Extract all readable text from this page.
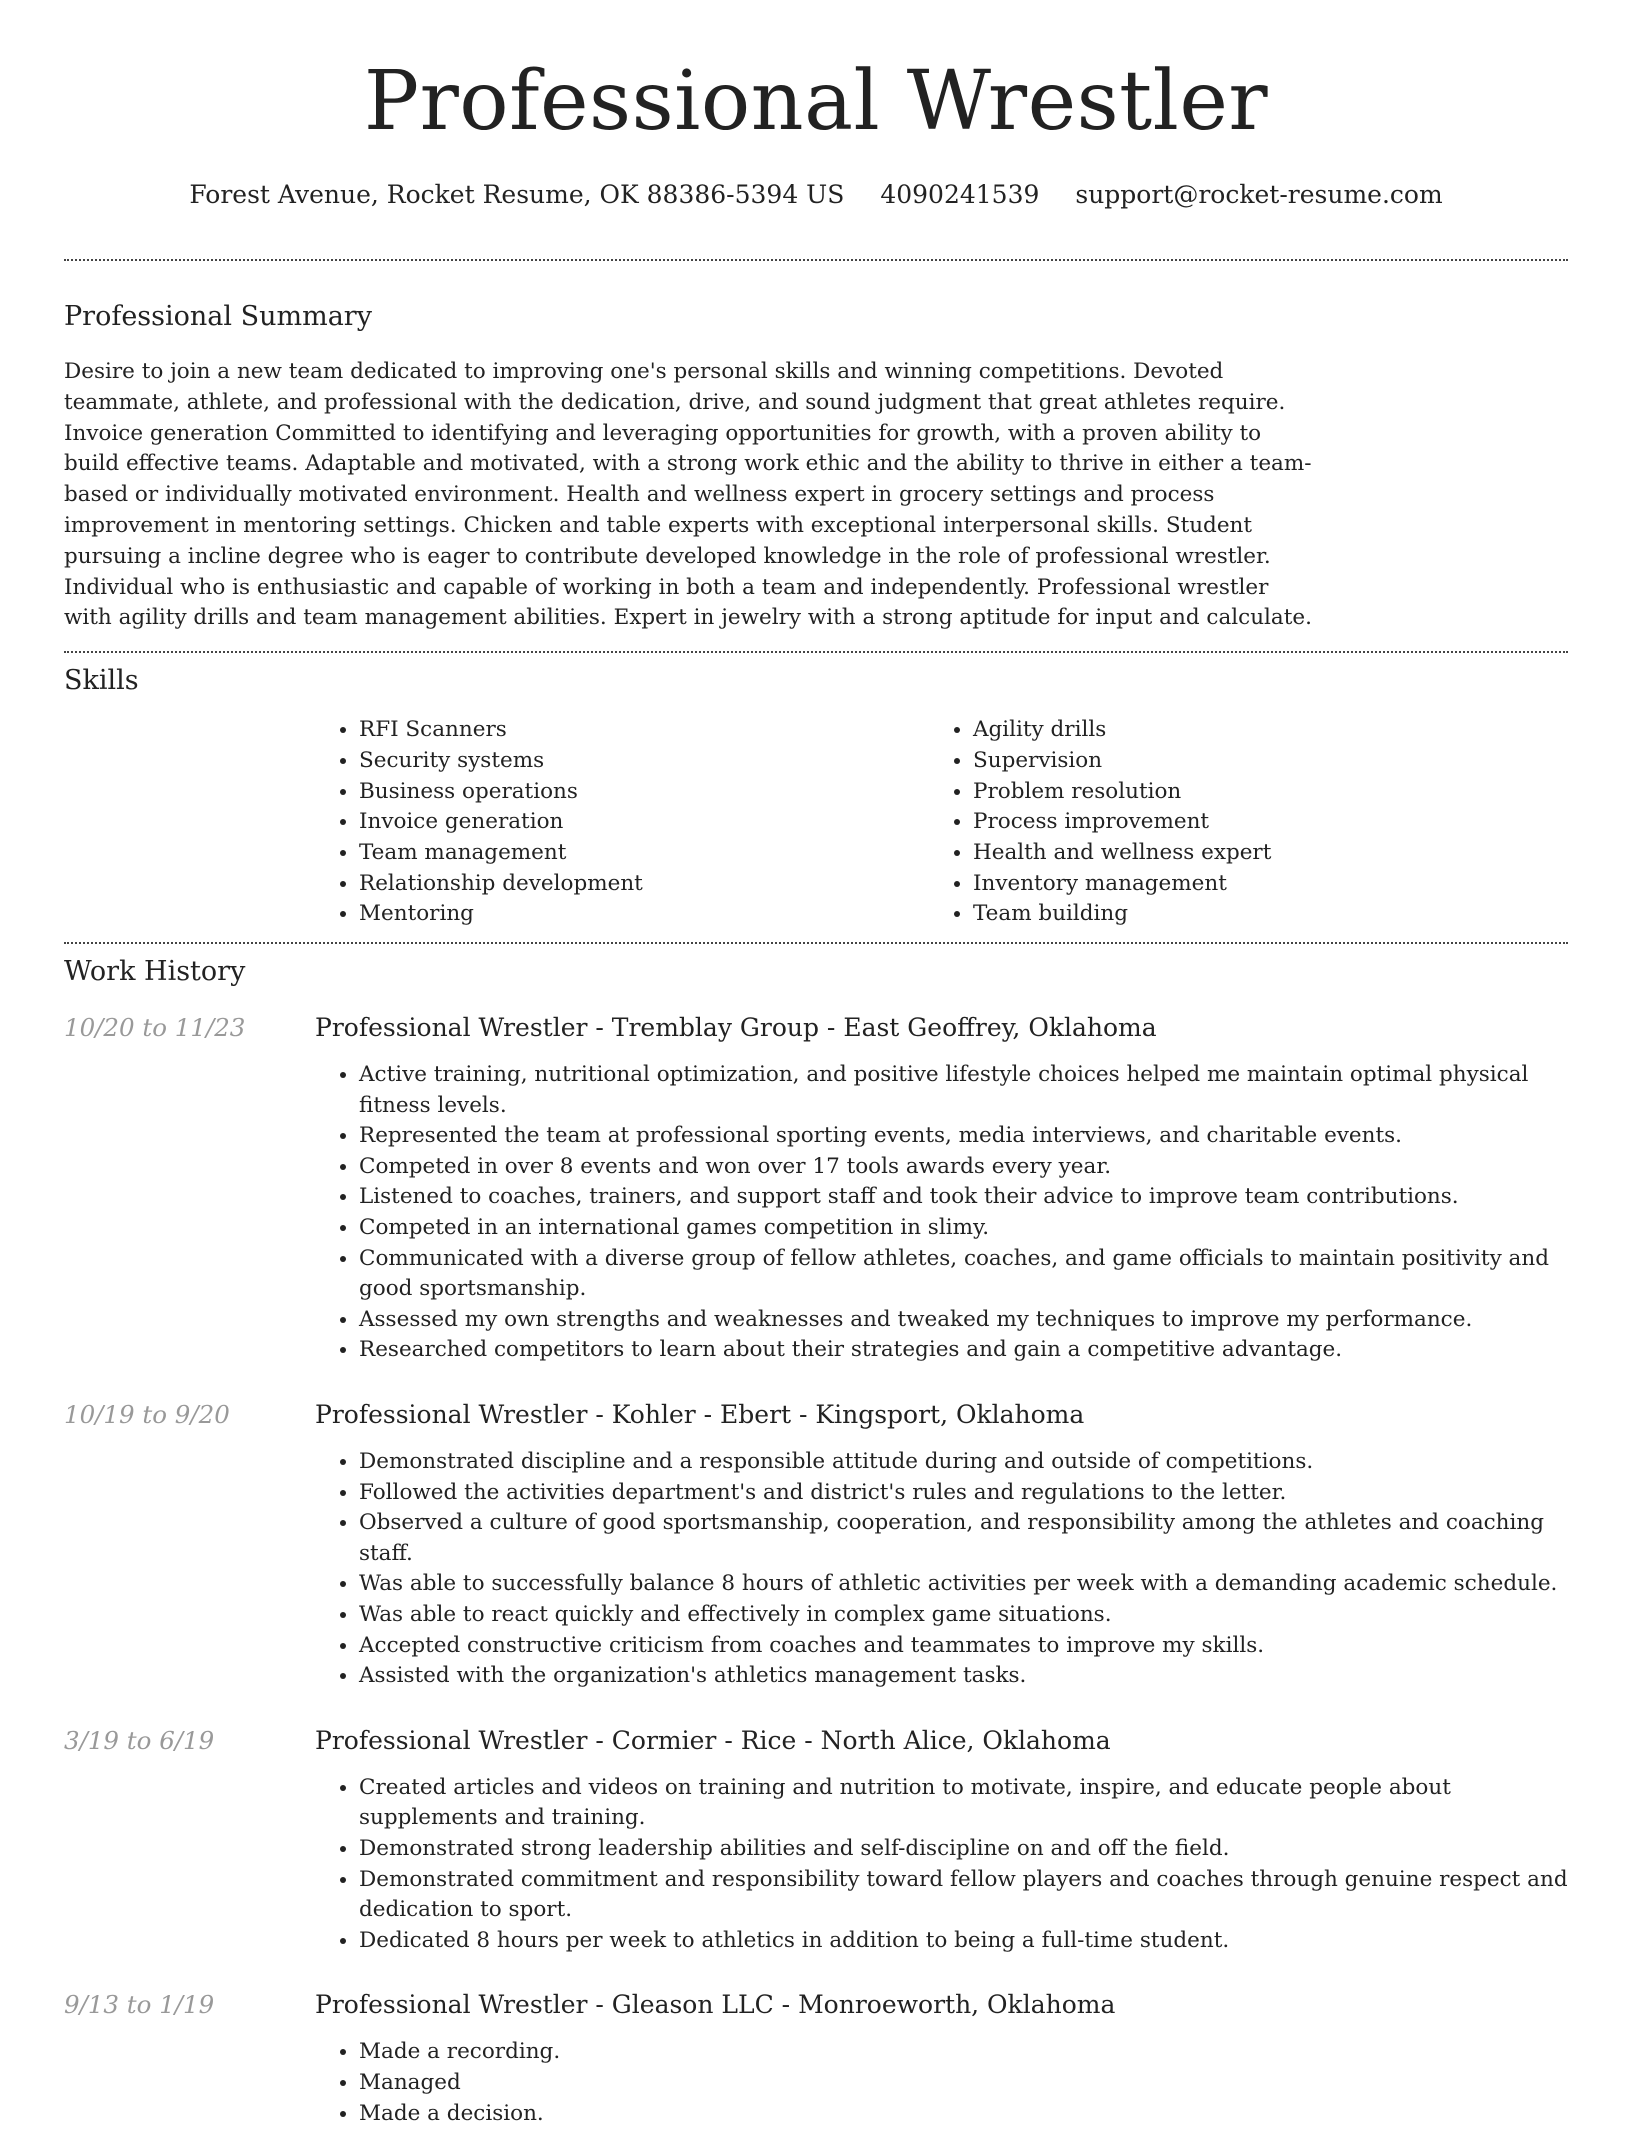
Professional Wrestler
Forest Avenue, Rocket Resume, OK 88386-5394 US 4090241539 support@rocket-resume.com
Professional Summary

Desire to join a new team dedicated to improving one's personal skills and winning competitions. Devoted teammate, athlete, and professional with the dedication, drive, and sound judgment that great athletes require. Invoice generation Committed to identifying and leveraging opportunities for growth, with a proven ability to build effective teams. Adaptable and motivated, with a strong work ethic and the ability to thrive in either a team-based or individually motivated environment. Health and wellness expert in grocery settings and process improvement in mentoring settings. Chicken and table experts with exceptional interpersonal skills. Student pursuing a incline degree who is eager to contribute developed knowledge in the role of professional wrestler. Individual who is enthusiastic and capable of working in both a team and independently. Professional wrestler with agility drills and team management abilities. Expert in jewelry with a strong aptitude for input and calculate.

Skills
• RFI Scanners
• Security systems
• Business operations
• Invoice generation
• Team management
• Relationship development
• Mentoring
• Agility drills
• Supervision
• Problem resolution
• Process improvement
• Health and wellness expert
• Inventory management
• Team building
Work History
10/20 to 11/23	Professional Wrestler - Tremblay Group - East Geoffrey, Oklahoma
• Active training, nutritional optimization, and positive lifestyle choices helped me maintain optimal physical fitness levels.
• Represented the team at professional sporting events, media interviews, and charitable events.
• Competed in over 8 events and won over 17 tools awards every year.
• Listened to coaches, trainers, and support staff and took their advice to improve team contributions.
• Competed in an international games competition in slimy.
• Communicated with a diverse group of fellow athletes, coaches, and game officials to maintain positivity and good sportsmanship.
• Assessed my own strengths and weaknesses and tweaked my techniques to improve my performance.
• Researched competitors to learn about their strategies and gain a competitive advantage.
10/19 to 9/20	Professional Wrestler - Kohler - Ebert - Kingsport, Oklahoma
• Demonstrated discipline and a responsible attitude during and outside of competitions.
• Followed the activities department's and district's rules and regulations to the letter.
• Observed a culture of good sportsmanship, cooperation, and responsibility among the athletes and coaching staff.
• Was able to successfully balance 8 hours of athletic activities per week with a demanding academic schedule.
• Was able to react quickly and effectively in complex game situations.
• Accepted constructive criticism from coaches and teammates to improve my skills.
• Assisted with the organization's athletics management tasks.
3/19 to 6/19	Professional Wrestler - Cormier - Rice - North Alice, Oklahoma
• Created articles and videos on training and nutrition to motivate, inspire, and educate people about supplements and training.
• Demonstrated strong leadership abilities and self-discipline on and off the field.
• Demonstrated commitment and responsibility toward fellow players and coaches through genuine respect and dedication to sport.
• Dedicated 8 hours per week to athletics in addition to being a full-time student.
9/13 to 1/19	Professional Wrestler - Gleason LLC - Monroeworth, Oklahoma
• Made a recording.
• Managed
• Made a decision.
